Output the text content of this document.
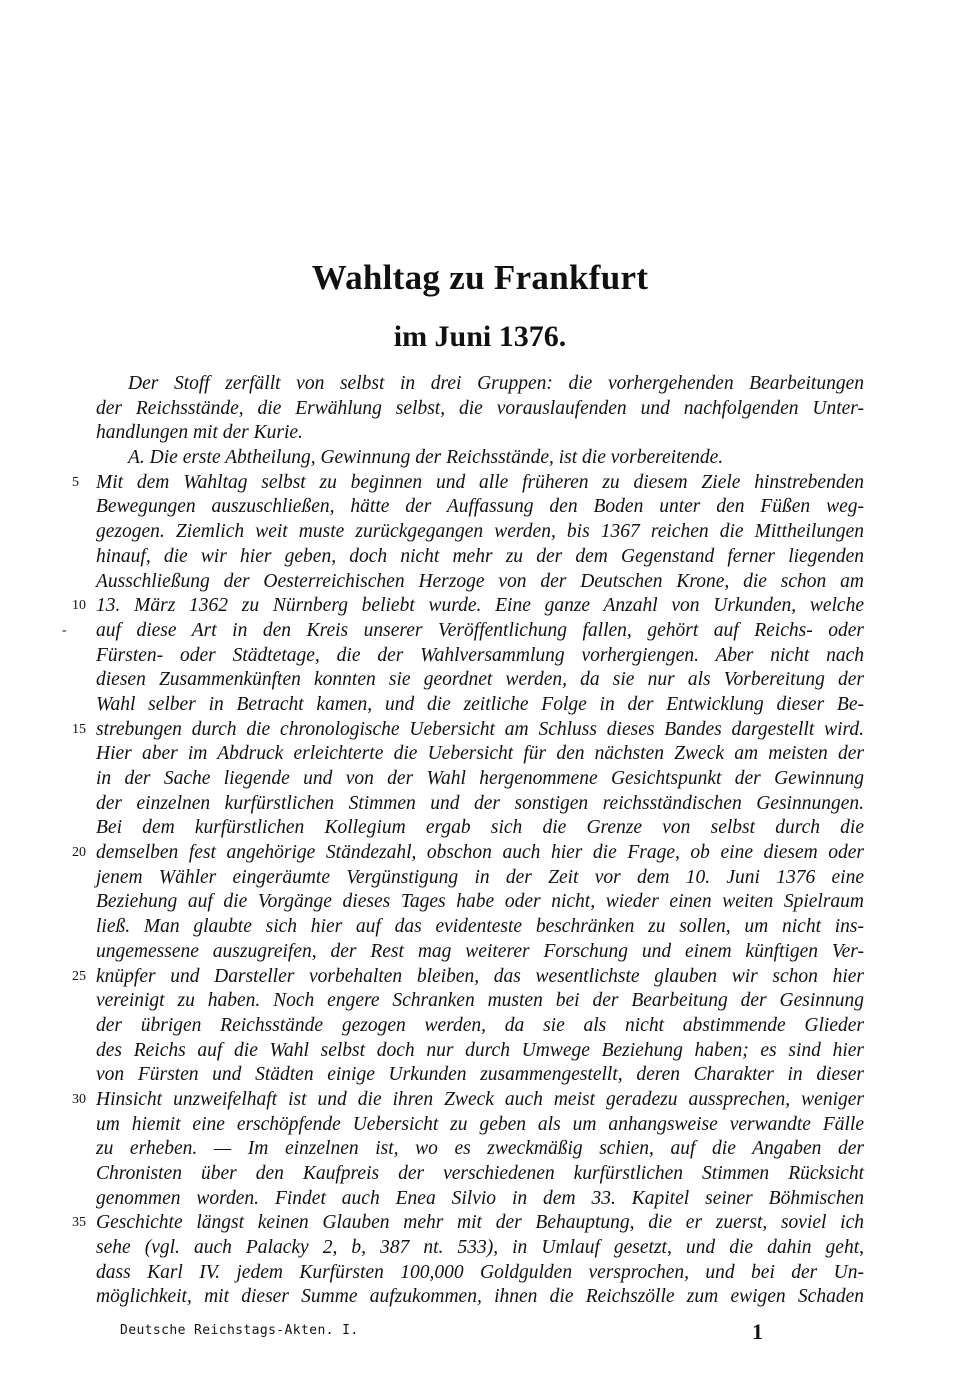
Wahltag zu Frankfurt
im Juni 1376.
Der Stoff zerfällt von selbst in drei Gruppen: die vorhergehenden Bearbeitungen
der Reichsstände, die Erwählung selbst, die vorauslaufenden und nachfolgenden Unter-
handlungen mit der Kurie.
A. Die erste Abtheilung, Gewinnung der Reichsstände, ist die vorbereitende.
5 Mit dem Wahltag selbst zu beginnen und alle früheren zu diesem Ziele hinstrebenden
Bewegungen auszuschließen, hätte der Auffassung den Boden unter den Füßen weg-
gezogen. Ziemlich weit muste zurückgegangen werden, bis 1367 reichen die Mittheilungen
hinauf, die wir hier geben, doch nicht mehr zu der dem Gegenstand ferner liegenden
Ausschließung der Oesterreichischen Herzoge von der Deutschen Krone, die schon am
10 13. März 1362 zu Nürnberg beliebt wurde. Eine ganze Anzahl von Urkunden, welche
- auf diese Art in den Kreis unserer Veröffentlichung fallen, gehört auf Reichs- oder
Fürsten- oder Städtetage, die der Wahlversammlung vorhergiengen. Aber nicht nach
diesen Zusammenkünften konnten sie geordnet werden, da sie nur als Vorbereitung der
Wahl selber in Betracht kamen, und die zeitliche Folge in der Entwicklung dieser Be-
15 strebungen durch die chronologische Uebersicht am Schluss dieses Bandes dargestellt wird.
Hier aber im Abdruck erleichterte die Uebersicht für den nächsten Zweck am meisten der
in der Sache liegende und von der Wahl hergenommene Gesichtspunkt der Gewinnung
der einzelnen kurfürstlichen Stimmen und der sonstigen reichsständischen Gesinnungen.
Bei dem kurfürstlichen Kollegium ergab sich die Grenze von selbst durch die
20 demselben fest angehörige Ständezahl, obschon auch hier die Frage, ob eine diesem oder
jenem Wähler eingeräumte Vergünstigung in der Zeit vor dem 10. Juni 1376 eine
Beziehung auf die Vorgänge dieses Tages habe oder nicht, wieder einen weiten Spielraum
ließ. Man glaubte sich hier auf das evidenteste beschränken zu sollen, um nicht ins-
ungemessene auszugreifen, der Rest mag weiterer Forschung und einem künftigen Ver-
25 knüpfer und Darsteller vorbehalten bleiben, das wesentlichste glauben wir schon hier
vereinigt zu haben. Noch engere Schranken musten bei der Bearbeitung der Gesinnung
der übrigen Reichsstände gezogen werden, da sie als nicht abstimmende Glieder
des Reichs auf die Wahl selbst doch nur durch Umwege Beziehung haben; es sind hier
von Fürsten und Städten einige Urkunden zusammengestellt, deren Charakter in dieser
30 Hinsicht unzweifelhaft ist und die ihren Zweck auch meist geradezu aussprechen, weniger
um hiemit eine erschöpfende Uebersicht zu geben als um anhangsweise verwandte Fälle
zu erheben. — Im einzelnen ist, wo es zweckmäßig schien, auf die Angaben der
Chronisten über den Kaufpreis der verschiedenen kurfürstlichen Stimmen Rücksicht
genommen worden. Findet auch Enea Silvio in dem 33. Kapitel seiner Böhmischen
35 Geschichte längst keinen Glauben mehr mit der Behauptung, die er zuerst, soviel ich
sehe (vgl. auch Palacky 2, b, 387 nt. 533), in Umlauf gesetzt, und die dahin geht,
dass Karl IV. jedem Kurfürsten 100,000 Goldgulden versprochen, und bei der Un-
möglichkeit, mit dieser Summe aufzukommen, ihnen die Reichszölle zum ewigen Schaden
Deutsche Reichstags-Akten. I.	1
